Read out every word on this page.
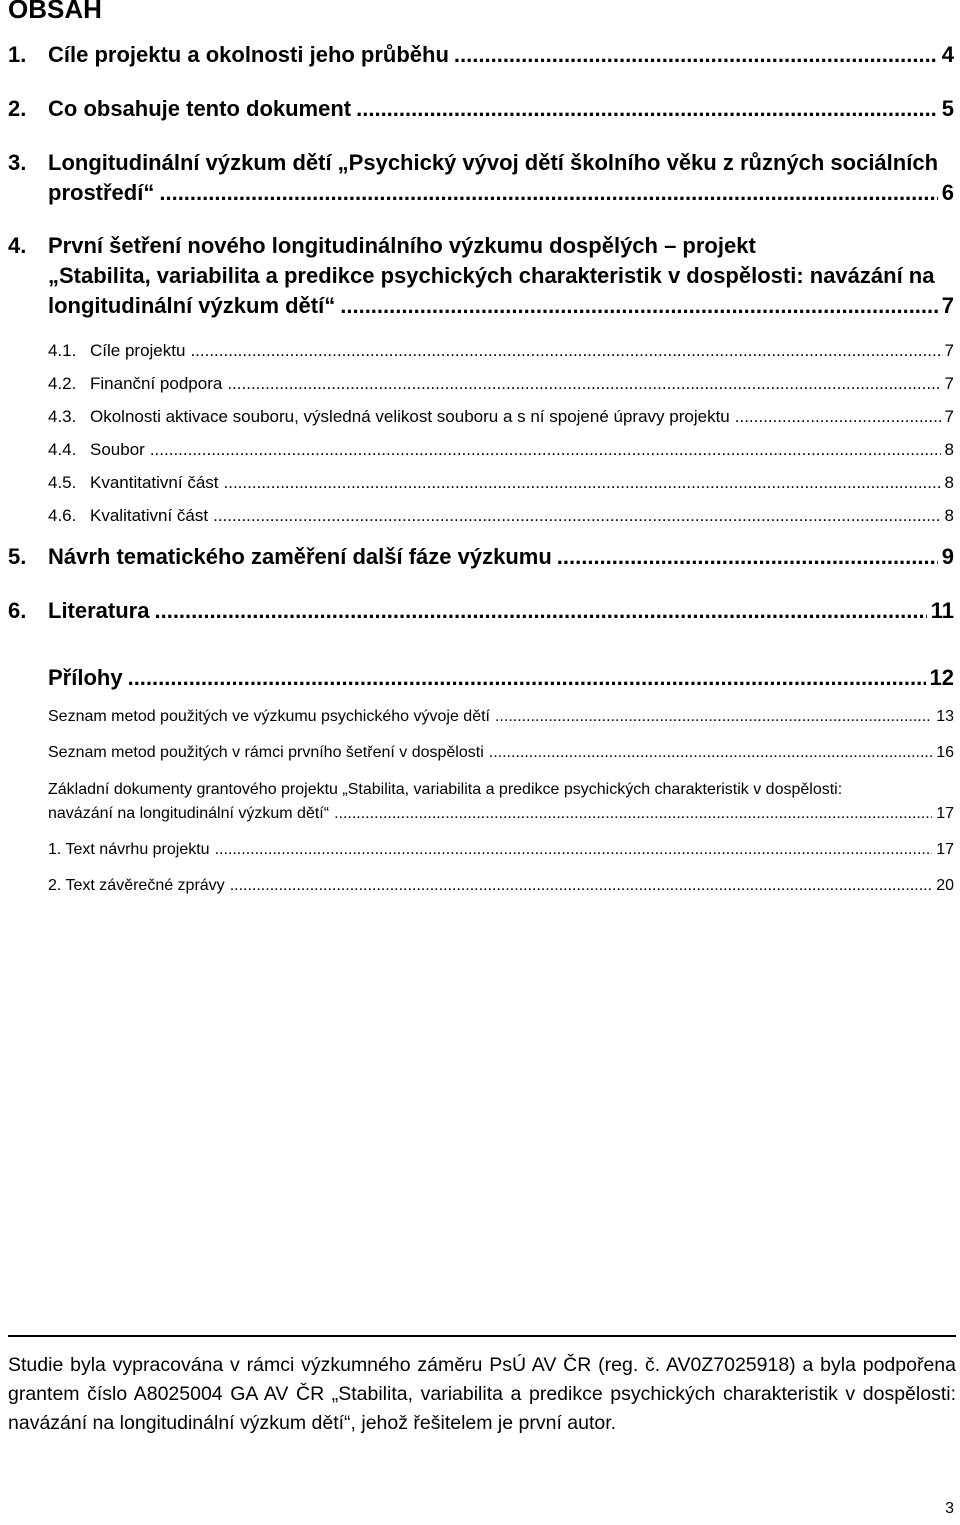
OBSAH
1. Cíle projektu a okolnosti jeho průběhu .....	4
2. Co obsahuje tento dokument .....	5
3. Longitudinální výzkum dětí „Psychický vývoj dětí školního věku z různých sociálních
prostředí“ .....	6
4. První šetření nového longitudinálního výzkumu dospělých – projekt
„Stabilita, variabilita a predikce psychických charakteristik v dospělosti: navázání na
longitudinální výzkum dětí“ .....	7
4.1. Cíle projektu .....	7
4.2. Finanční podpora .....	7
4.3. Okolnosti aktivace souboru, výsledná velikost souboru a s ní spojené úpravy projektu .....	7
4.4. Soubor .....	8
4.5. Kvantitativní část .....	8
4.6. Kvalitativní část .....	8
5. Návrh tematického zaměření další fáze výzkumu .....	9
6. Literatura .....	11
Přílohy .....	12
Seznam metod použitých ve výzkumu psychického vývoje dětí .....	13
Seznam metod použitých v rámci prvního šetření v dospělosti .....	16
Základní dokumenty grantového projektu „Stabilita, variabilita a predikce psychických charakteristik v dospělosti:
navázání na longitudinální výzkum dětí“ .....	17
1. Text návrhu projektu .....	17
2. Text závěrečné zprávy .....	20

Studie byla vypracována v rámci výzkumného záměru PsÚ AV ČR (reg. č. AV0Z7025918) a byla podpořena grantem číslo A8025004 GA AV ČR „Stabilita, variabilita a predikce psychických charakteristik v dospělosti: navázání na longitudinální výzkum dětí“, jehož řešitelem je první autor.

3
